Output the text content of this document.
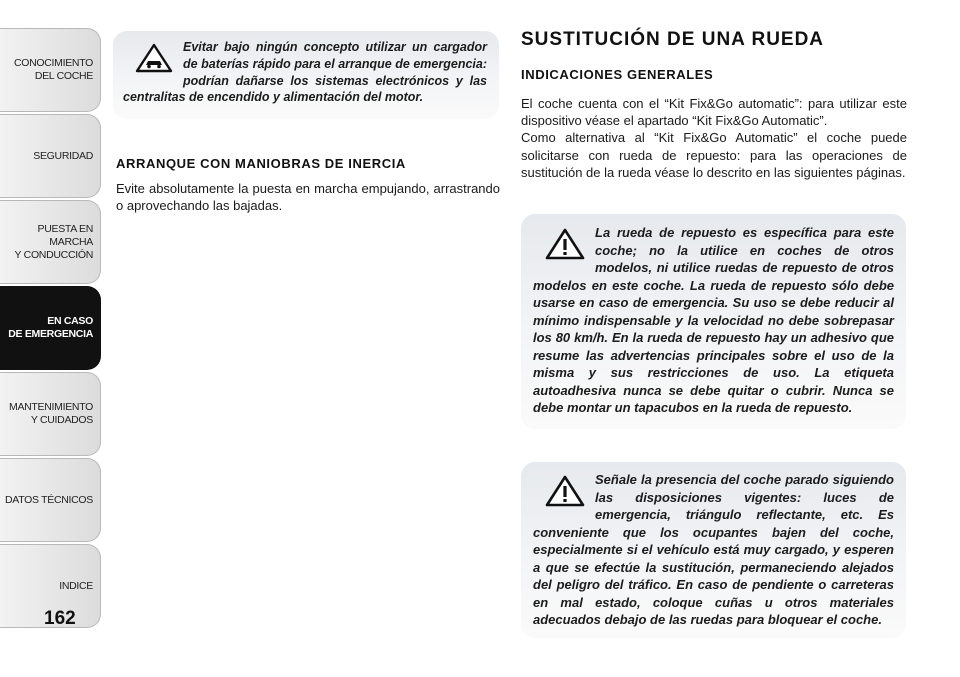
CONOCIMIENTO
DEL COCHE
SEGURIDAD
PUESTA EN MARCHA
Y CONDUCCIÓN
EN CASO
DE EMERGENCIA
MANTENIMIENTO
Y CUIDADOS
DATOS TÉCNICOS
INDICE
162

Evitar bajo ningún concepto utilizar un cargador de baterías rápido para el arranque de emergencia: podrían dañarse los sistemas electrónicos y las centralitas de encendido y alimentación del motor.

ARRANQUE CON MANIOBRAS DE INERCIA
Evite absolutamente la puesta en marcha empujando, arrastrando o aprovechando las bajadas.
SUSTITUCIÓN DE UNA RUEDA
INDICACIONES GENERALES
El coche cuenta con el “Kit Fix&Go automatic”: para utilizar este dispositivo véase el apartado “Kit Fix&Go Automatic”.
Como alternativa al “Kit Fix&Go Automatic” el coche puede solicitarse con rueda de repuesto: para las operaciones de sustitución de la rueda véase lo descrito en las siguientes páginas.

La rueda de repuesto es específica para este coche; no la utilice en coches de otros modelos, ni utilice ruedas de repuesto de otros modelos en este coche. La rueda de repuesto sólo debe usarse en caso de emergencia. Su uso se debe reducir al mínimo indispensable y la velocidad no debe sobrepasar los 80 km/h. En la rueda de repuesto hay un adhesivo que resume las advertencias principales sobre el uso de la misma y sus restricciones de uso. La etiqueta autoadhesiva nunca se debe quitar o cubrir. Nunca se debe montar un tapacubos en la rueda de repuesto.

Señale la presencia del coche parado siguiendo las disposiciones vigentes: luces de emergencia, triángulo reflectante, etc. Es conveniente que los ocupantes bajen del coche, especialmente si el vehículo está muy cargado, y esperen a que se efectúe la sustitución, permaneciendo alejados del peligro del tráfico. En caso de pendiente o carreteras en mal estado, coloque cuñas u otros materiales adecuados debajo de las ruedas para bloquear el coche.
